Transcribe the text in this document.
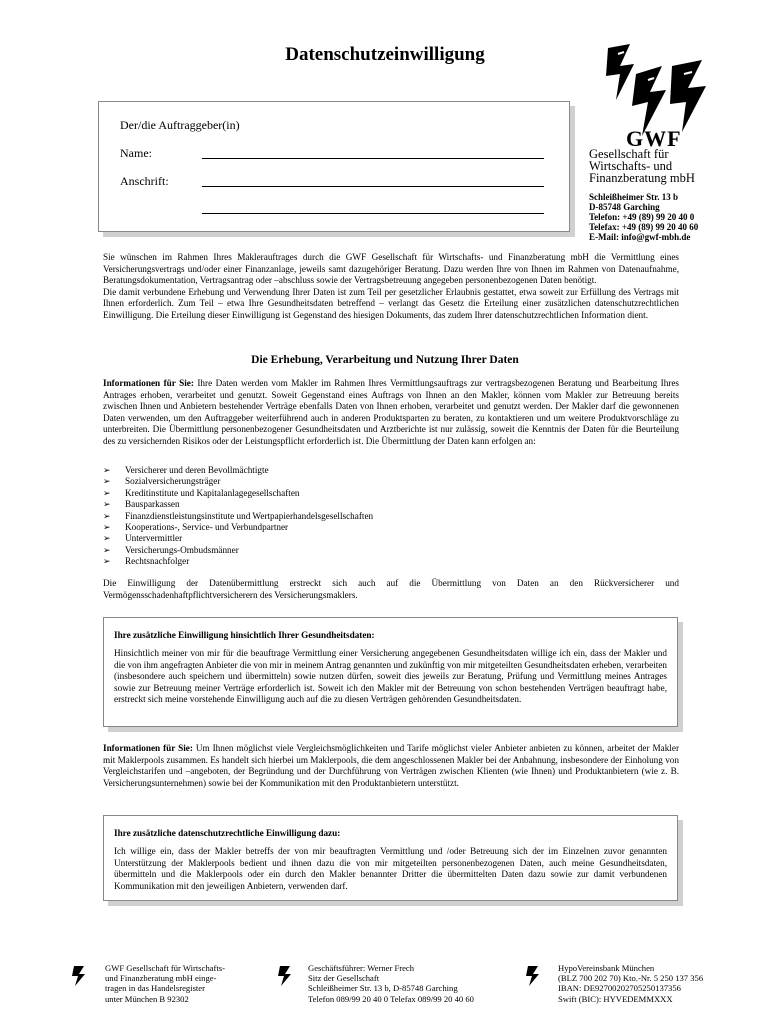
Datenschutzeinwilligung
Der/die Auftraggeber(in)
Name:
Anschrift:
GWF
Gesellschaft für
Wirtschafts- und
Finanzberatung mbH
Schleißheimer Str. 13 b
D-85748 Garching
Telefon: +49 (89) 99 20 40 0
Telefax: +49 (89) 99 20 40 60
E-Mail: info@gwf-mbh.de
Sie wünschen im Rahmen Ihres Maklerauftrages durch die GWF Gesellschaft für Wirtschafts- und Finanzberatung mbH die Vermittlung eines Versicherungsvertrags und/oder einer Finanzanlage, jeweils samt dazugehöriger Beratung. Dazu werden Ihre von Ihnen im Rahmen von Datenaufnahme, Beratungsdokumentation, Vertragsantrag oder –abschluss sowie der Vertragsbetreuung angegeben personenbezogenen Daten benötigt.
Die damit verbundene Erhebung und Verwendung Ihrer Daten ist zum Teil per gesetzlicher Erlaubnis gestattet, etwa soweit zur Erfüllung des Vertrags mit Ihnen erforderlich. Zum Teil – etwa Ihre Gesundheitsdaten betreffend – verlangt das Gesetz die Erteilung einer zusätzlichen datenschutzrechtlichen Einwilligung. Die Erteilung dieser Einwilligung ist Gegenstand des hiesigen Dokuments, das zudem Ihrer datenschutzrechtlichen Information dient.
Die Erhebung, Verarbeitung und Nutzung Ihrer Daten
Informationen für Sie: Ihre Daten werden vom Makler im Rahmen Ihres Vermittlungsauftrags zur vertragsbezogenen Beratung und Bearbeitung Ihres Antrages erhoben, verarbeitet und genutzt. Soweit Gegenstand eines Auftrags von Ihnen an den Makler, können vom Makler zur Betreuung bereits zwischen Ihnen und Anbietern bestehender Verträge ebenfalls Daten von Ihnen erhoben, verarbeitet und genutzt werden. Der Makler darf die gewonnenen Daten verwenden, um den Auftraggeber weiterführend auch in anderen Produktsparten zu beraten, zu kontaktieren und um weitere Produktvorschläge zu unterbreiten. Die Übermittlung personenbezogener Gesundheitsdaten und Arztberichte ist nur zulässig, soweit die Kenntnis der Daten für die Beurteilung des zu versichernden Risikos oder der Leistungspflicht erforderlich ist. Die Übermittlung der Daten kann erfolgen an:
➢	Versicherer und deren Bevollmächtigte
➢	Sozialversicherungsträger
➢	Kreditinstitute und Kapitalanlagegesellschaften
➢	Bausparkassen
➢	Finanzdienstleistungsinstitute und Wertpapierhandelsgesellschaften
➢	Kooperations-, Service- und Verbundpartner
➢	Untervermittler
➢	Versicherungs-Ombudsmänner
➢	Rechtsnachfolger
Die Einwilligung der Datenübermittlung erstreckt sich auch auf die Übermittlung von Daten an den Rückversicherer und Vermögensschadenhaftpflichtversicherern des Versicherungsmaklers.
Ihre zusätzliche Einwilligung hinsichtlich Ihrer Gesundheitsdaten:
Hinsichtlich meiner von mir für die beauftrage Vermittlung einer Versicherung angegebenen Gesundheitsdaten willige ich ein, dass der Makler und die von ihm angefragten Anbieter die von mir in meinem Antrag genannten und zukünftig von mir mitgeteilten Gesundheitsdaten erheben, verarbeiten (insbesondere auch speichern und übermitteln) sowie nutzen dürfen, soweit dies jeweils zur Beratung, Prüfung und Vermittlung meines Antrages sowie zur Betreuung meiner Verträge erforderlich ist. Soweit ich den Makler mit der Betreuung von schon bestehenden Verträgen beauftragt habe, erstreckt sich meine vorstehende Einwilligung auch auf die zu diesen Verträgen gehörenden Gesundheitsdaten.
Informationen für Sie: Um Ihnen möglichst viele Vergleichsmöglichkeiten und Tarife möglichst vieler Anbieter anbieten zu können, arbeitet der Makler mit Maklerpools zusammen. Es handelt sich hierbei um Maklerpools, die dem angeschlossenen Makler bei der Anbahnung, insbesondere der Einholung von Vergleichstarifen und –angeboten, der Begründung und der Durchführung von Verträgen zwischen Klienten (wie Ihnen) und Produktanbietern (wie z. B. Versicherungsunternehmen) sowie bei der Kommunikation mit den Produktanbietern unterstützt.
Ihre zusätzliche datenschutzrechtliche Einwilligung dazu:
Ich willige ein, dass der Makler betreffs der von mir beauftragten Vermittlung und /oder Betreuung sich der im Einzelnen zuvor genannten Unterstützung der Maklerpools bedient und ihnen dazu die von mir mitgeteilten personenbezogenen Daten, auch meine Gesundheitsdaten, übermitteln und die Maklerpools oder ein durch den Makler benannter Dritter die übermittelten Daten dazu sowie zur damit verbundenen Kommunikation mit den jeweiligen Anbietern, verwenden darf.
GWF Gesellschaft für Wirtschafts-
und Finanzberatung mbH einge-
tragen in das Handelsregister
unter München B 92302
Geschäftsführer: Werner Frech
Sitz der Gesellschaft
Schleißheimer Str. 13 b, D-85748 Garching
Telefon 089/99 20 40 0 Telefax 089/99 20 40 60
HypoVereinsbank München
(BLZ 700 202 70) Kto.-Nr. 5 250 137 356
IBAN: DE92700202705250137356
Swift (BIC): HYVEDEMMXXX
